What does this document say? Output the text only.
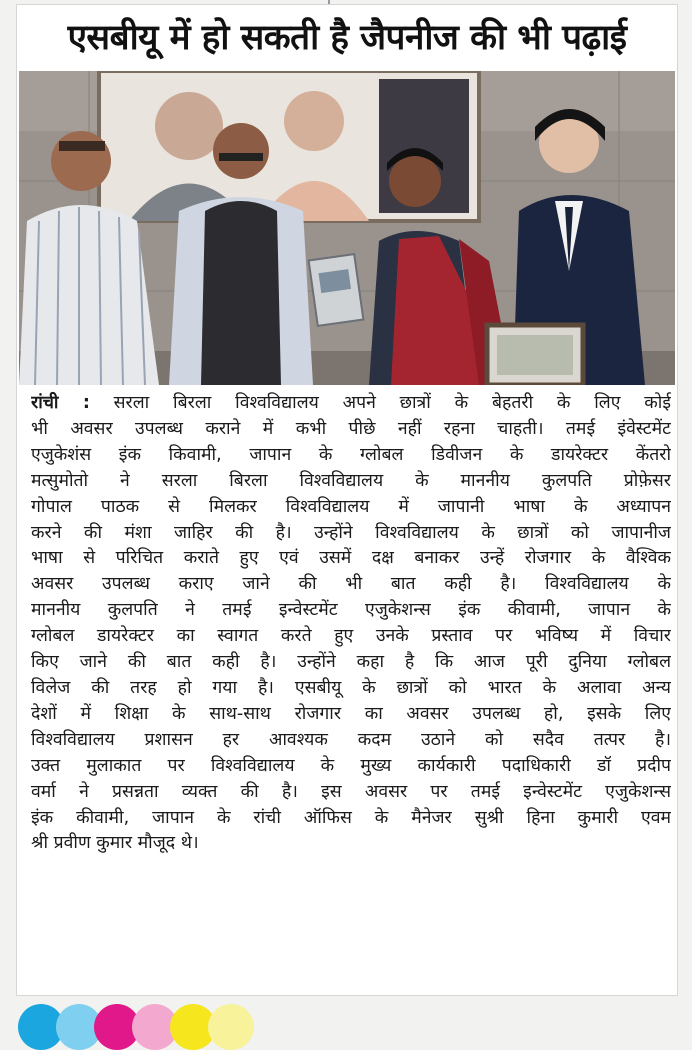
एसबीयू में हो सकती है जैपनीज की भी पढ़ाई
रांची : सरला बिरला विश्वविद्यालय अपने छात्रों के बेहतरी के लिए कोई
भी अवसर उपलब्ध कराने में कभी पीछे नहीं रहना चाहती। तमई इंवेस्टमेंट
एजुकेशंस इंक किवामी, जापान के ग्लोबल डिवीजन के डायरेक्टर केंतरो
मत्सुमोतो ने सरला बिरला विश्वविद्यालय के माननीय कुलपति प्रोफ़ेसर
गोपाल पाठक से मिलकर विश्वविद्यालय में जापानी भाषा के अध्यापन
करने की मंशा जाहिर की है। उन्होंने विश्वविद्यालय के छात्रों को जापानीज
भाषा से परिचित कराते हुए एवं उसमें दक्ष बनाकर उन्हें रोजगार के वैश्विक
अवसर उपलब्ध कराए जाने की भी बात कही है। विश्वविद्यालय के
माननीय कुलपति ने तमई इन्वेस्टमेंट एजुकेशन्स इंक कीवामी, जापान के
ग्लोबल डायरेक्टर का स्वागत करते हुए उनके प्रस्ताव पर भविष्य में विचार
किए जाने की बात कही है। उन्होंने कहा है कि आज पूरी दुनिया ग्लोबल
विलेज की तरह हो गया है। एसबीयू के छात्रों को भारत के अलावा अन्य
देशों में शिक्षा के साथ-साथ रोजगार का अवसर उपलब्ध हो, इसके लिए
विश्वविद्यालय प्रशासन हर आवश्यक कदम उठाने को सदैव तत्पर है।
उक्त मुलाकात पर विश्वविद्यालय के मुख्य कार्यकारी पदाधिकारी डॉ प्रदीप
वर्मा ने प्रसन्नता व्यक्त की है। इस अवसर पर तमई इन्वेस्टमेंट एजुकेशन्स
इंक कीवामी, जापान के रांची ऑफिस के मैनेजर सुश्री हिना कुमारी एवम
श्री प्रवीण कुमार मौजूद थे।
